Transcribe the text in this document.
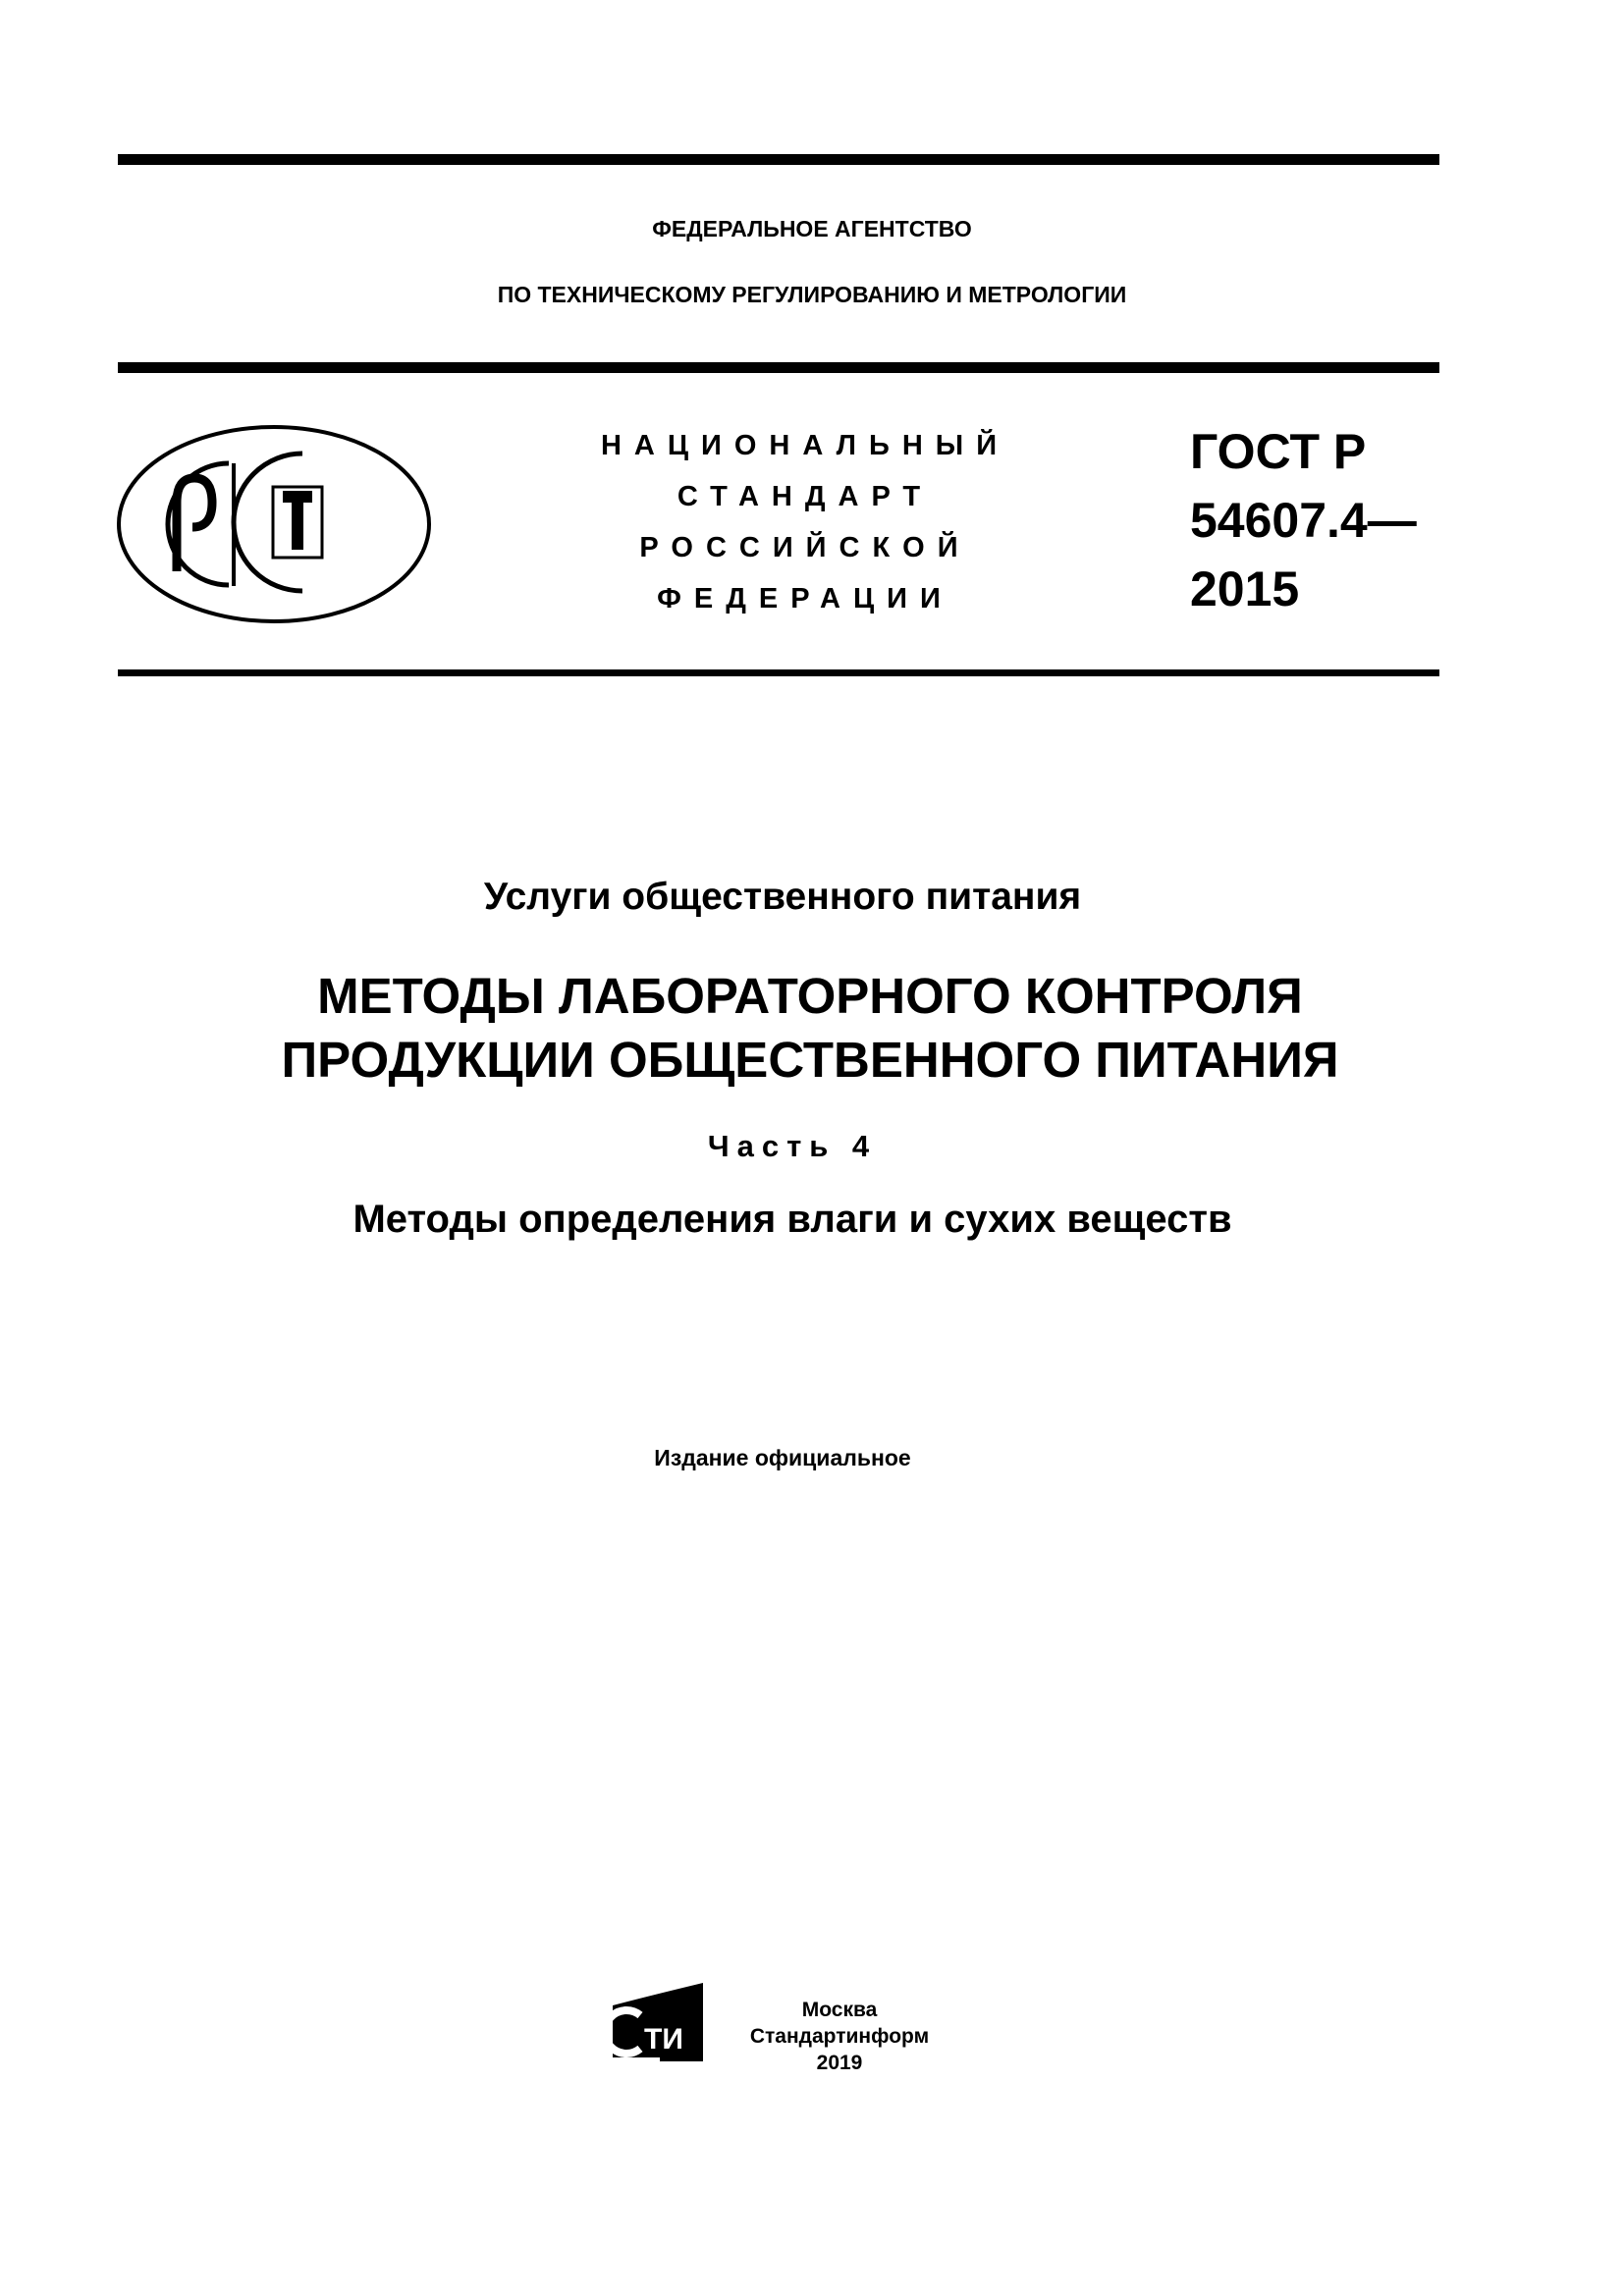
ФЕДЕРАЛЬНОЕ АГЕНТСТВО
ПО ТЕХНИЧЕСКОМУ РЕГУЛИРОВАНИЮ И МЕТРОЛОГИИ
НАЦИОНАЛЬНЫЙ
СТАНДАРТ
РОССИЙСКОЙ
ФЕДЕРАЦИИ
ГОСТ Р
54607.4—
2015
Услуги общественного питания
МЕТОДЫ ЛАБОРАТОРНОГО КОНТРОЛЯ
ПРОДУКЦИИ ОБЩЕСТВЕННОГО ПИТАНИЯ
Часть 4
Методы определения влаги и сухих веществ
Издание официальное
ТИ
Москва
Стандартинформ
2019
